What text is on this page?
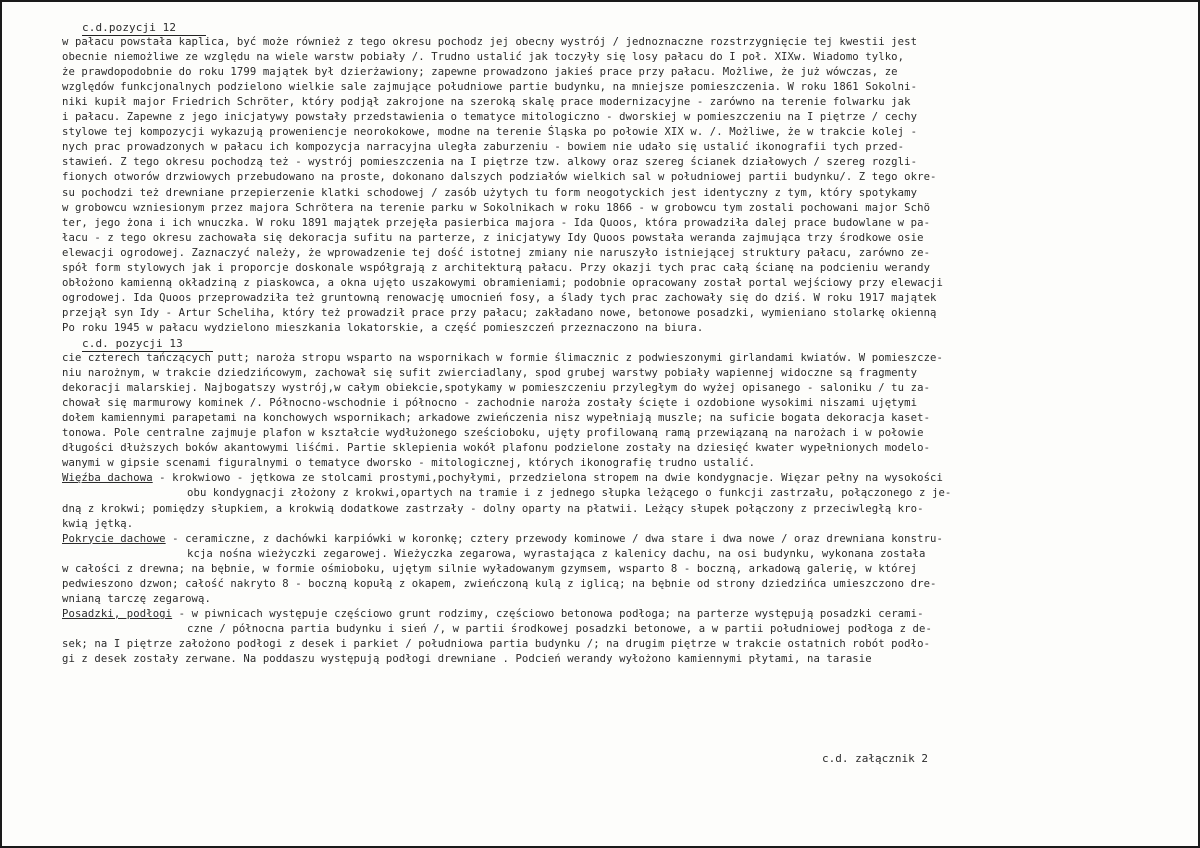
c.d.pozycji 12
w pałacu powstała kaplica, być może również z tego okresu pochodz jej obecny wystrój / jednoznaczne rozstrzygnięcie tej kwestii jest
obecnie niemożliwe ze względu na wiele warstw pobiały /. Trudno ustalić jak toczyły się losy pałacu do I poł. XIXw. Wiadomo tylko,
że prawdopodobnie do roku 1799 majątek był dzierżawiony; zapewne prowadzono jakieś prace przy pałacu. Możliwe, że już wówczas, ze
względów funkcjonalnych podzielono wielkie sale zajmujące południowe partie budynku, na mniejsze pomieszczenia. W roku 1861 Sokolni-
niki kupił major Friedrich Schröter, który podjął zakrojone na szeroką skalę prace modernizacyjne - zarówno na terenie folwarku jak
i pałacu. Zapewne z jego inicjatywy powstały przedstawienia o tematyce mitologiczno - dworskiej w pomieszczeniu na I piętrze / cechy
stylowe tej kompozycji wykazują proweniencje neorokokowe, modne na terenie Śląska po połowie XIX w. /. Możliwe, że w trakcie kolej -
nych prac prowadzonych w pałacu ich kompozycja narracyjna uległa zaburzeniu - bowiem nie udało się ustalić ikonografii tych przed-
stawień. Z tego okresu pochodzą też - wystrój pomieszczenia na I piętrze tzw. alkowy oraz szereg ścianek działowych / szereg rozgli-
fionych otworów drzwiowych przebudowano na proste, dokonano dalszych podziałów wielkich sal w południowej partii budynku/. Z tego okre-
su pochodzi też drewniane przepierzenie klatki schodowej / zasób użytych tu form neogotyckich jest identyczny z tym, który spotykamy
w grobowcu wzniesionym przez majora Schrötera na terenie parku w Sokolnikach w roku 1866 - w grobowcu tym zostali pochowani major Schö
ter, jego żona i ich wnuczka. W roku 1891 majątek przejęła pasierbica majora - Ida Quoos, która prowadziła dalej prace budowlane w pa-
łacu - z tego okresu zachowała się dekoracja sufitu na parterze, z inicjatywy Idy Quoos powstała weranda zajmująca trzy środkowe osie
elewacji ogrodowej. Zaznaczyć należy, że wprowadzenie tej dość istotnej zmiany nie naruszyło istniejącej struktury pałacu, zarówno ze-
spół form stylowych jak i proporcje doskonale współgrają z architekturą pałacu. Przy okazji tych prac całą ścianę na podcieniu werandy
obłożono kamienną okładziną z piaskowca, a okna ujęto uszakowymi obramieniami; podobnie opracowany został portal wejściowy przy elewacji
ogrodowej. Ida Quoos przeprowadziła też gruntowną renowację umocnień fosy, a ślady tych prac zachowały się do dziś. W roku 1917 majątek
przejął syn Idy - Artur Scheliha, który też prowadził prace przy pałacu; zakładano nowe, betonowe posadzki, wymieniano stolarkę okienną
Po roku 1945 w pałacu wydzielono mieszkania lokatorskie, a część pomieszczeń przeznaczono na biura.
c.d. pozycji 13
cie czterech tańczących putt; narożа stropu wsparto na wspornikach w formie ślimacznic z podwieszonymi girlandami kwiatów. W pomieszcze-
niu narożnym, w trakcie dziedzińcowym, zachował się sufit zwierciadlany, spod grubej warstwy pobiały wapiennej widoczne są fragmenty
dekoracji malarskiej. Najbogatszy wystrój,w całym obiekcie,spotykamy w pomieszczeniu przyległym do wyżej opisanego - saloniku / tu za-
chował się marmurowy kominek /. Północno-wschodnie i północno - zachodnie naroża zostały ścięte i ozdobione wysokimi niszami ujętymi
dołem kamiennymi parapetami na konchowych wspornikach; arkadowe zwieńczenia nisz wypełniają muszle; na suficie bogata dekoracja kaset-
tonowa. Pole centralne zajmuje plafon w kształcie wydłużonego sześcioboku, ujęty profilowaną ramą przewiązaną na narożach i w połowie
długości dłuższych boków akantowymi liśćmi. Partie sklepienia wokół plafonu podzielone zostały na dziesięć kwater wypełnionych modelo-
wanymi w gipsie scenami figuralnymi o tematyce dworsko - mitologicznej, których ikonografię trudno ustalić.
Więźba dachowa - krokwiowo - jętkowa ze stolcami prostymi,pochyłymi, przedzielona stropem na dwie kondygnacje. Więzar pełny na wysokości
obu kondygnacji złożony z krokwi,opartych na tramie i z jednego słupka leżącego o funkcji zastrzału, połączonego z je-
dną z krokwi; pomiędzy słupkiem, a krokwią dodatkowe zastrzały - dolny oparty na płatwii. Leżący słupek połączony z przeciwległą kro-
kwią jętką.
Pokrycie dachowe - ceramiczne, z dachówki karpiówki w koronkę; cztery przewody kominowe / dwa stare i dwa nowe / oraz drewniana konstru-
kcja nośna wieżyczki zegarowej. Wieżyczka zegarowa, wyrastająca z kalenicy dachu, na osi budynku, wykonana została
w całości z drewna; na bębnie, w formie ośmioboku, ujętym silnie wyładowanym gzymsem, wsparto 8 - boczną, arkadową galerię, w której
pedwieszono dzwon; całość nakryto 8 - boczną kopułą z okapem, zwieńczoną kulą z iglicą; na bębnie od strony dziedzińca umieszczono dre-
wnianą tarczę zegarową.
Posadzki, podłogi - w piwnicach występuje częściowo grunt rodzimy, częściowo betonowa podłoga; na parterze występują posadzki cerami-
czne / północna partia budynku i sień /, w partii środkowej posadzki betonowe, a w partii południowej podłoga z de-
sek; na I piętrze założono podłogi z desek i parkiet / południowa partia budynku /; na drugim piętrze w trakcie ostatnich robót podło-
gi z desek zostały zerwane. Na poddaszu występują podłogi drewniane . Podcień werandy wyłożono kamiennymi płytami, na tarasie
c.d. załącznik 2
